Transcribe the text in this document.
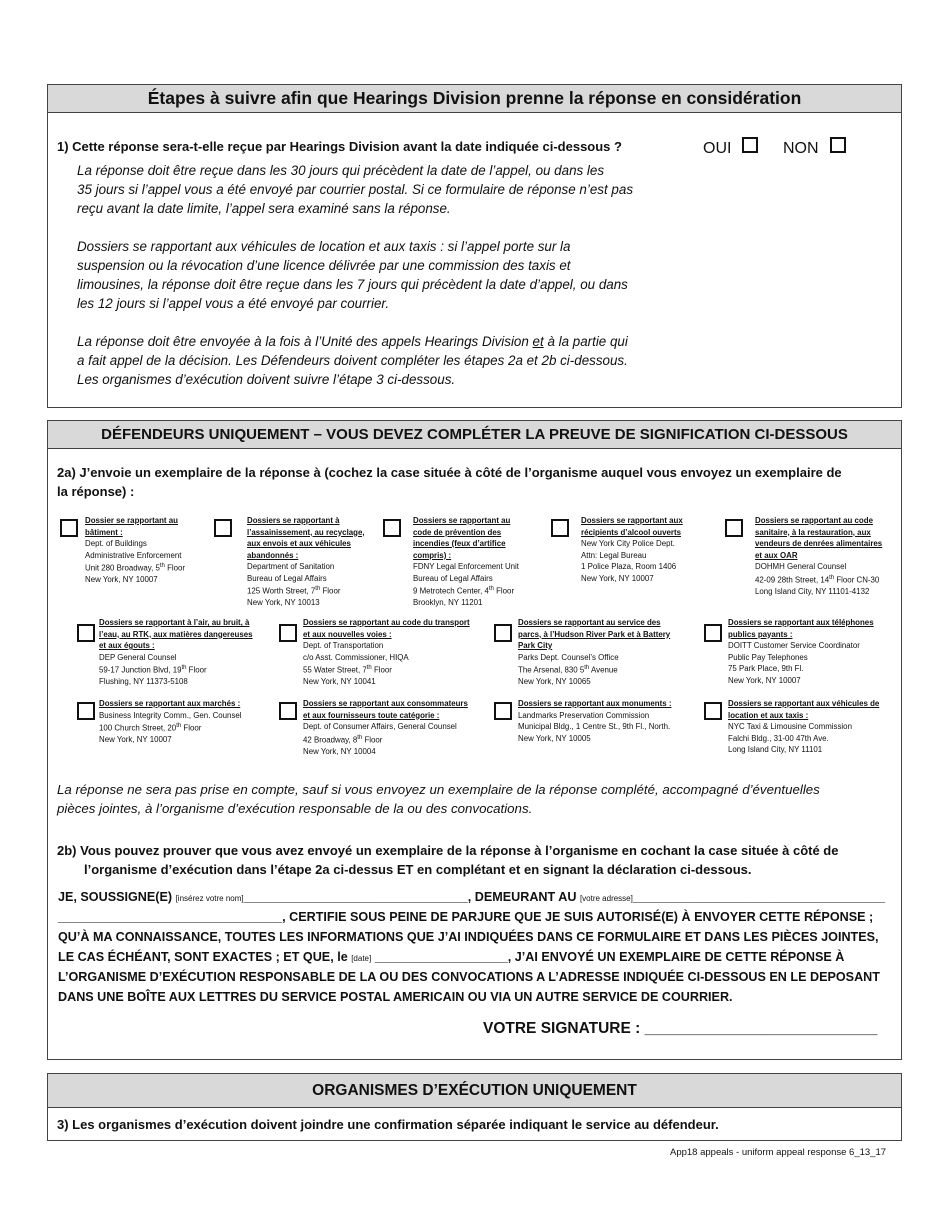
Étapes à suivre afin que Hearings Division prenne la réponse en considération
1) Cette réponse sera-t-elle reçue par Hearings Division avant la date indiquée ci-dessous ?	OUI	NON
La réponse doit être reçue dans les 30 jours qui précèdent la date de l’appel, ou dans les
35 jours si l’appel vous a été envoyé par courrier postal. Si ce formulaire de réponse n’est pas
reçu avant la date limite, l’appel sera examiné sans la réponse.
Dossiers se rapportant aux véhicules de location et aux taxis : si l’appel porte sur la
suspension ou la révocation d’une licence délivrée par une commission des taxis et
limousines, la réponse doit être reçue dans les 7 jours qui précèdent la date d’appel, ou dans
les 12 jours si l’appel vous a été envoyé par courrier.
La réponse doit être envoyée à la fois à l’Unité des appels Hearings Division et à la partie qui
a fait appel de la décision. Les Défendeurs doivent compléter les étapes 2a et 2b ci-dessous.
Les organismes d’exécution doivent suivre l’étape 3 ci-dessous.
DÉFENDEURS UNIQUEMENT – VOUS DEVEZ COMPLÉTER LA PREUVE DE SIGNIFICATION CI-DESSOUS
2a) J’envoie un exemplaire de la réponse à (cochez la case située à côté de l’organisme auquel vous envoyez un exemplaire de
la réponse) :
Dossier se rapportant au
bâtiment :
Dept. of Buildings
Administrative Enforcement
Unit 280 Broadway, 5th Floor
New York, NY 10007
Dossiers se rapportant à
l’assainissement, au recyclage,
aux envois et aux véhicules
abandonnés :
Department of Sanitation
Bureau of Legal Affairs
125 Worth Street, 7th Floor
New York, NY 10013
Dossiers se rapportant au
code de prévention des
incendies (feux d’artifice
compris) :
FDNY Legal Enforcement Unit
Bureau of Legal Affairs
9 Metrotech Center, 4th Floor
Brooklyn, NY 11201
Dossiers se rapportant aux
récipients d’alcool ouverts
New York City Police Dept.
Attn: Legal Bureau
1 Police Plaza, Room 1406
New York, NY 10007
Dossiers se rapportant au code
sanitaire, à la restauration, aux
vendeurs de denrées alimentaires
et aux OAR
DOHMH General Counsel
42-09 28th Street, 14th Floor CN-30
Long Island City, NY 11101-4132
Dossiers se rapportant à l’air, au bruit, à
l’eau, au RTK, aux matières dangereuses
et aux égouts :
DEP General Counsel
59-17 Junction Blvd, 19th Floor
Flushing, NY 11373-5108
Dossiers se rapportant au code du transport
et aux nouvelles voies :
Dept. of Transportation
c/o Asst. Commissioner, HIQA
55 Water Street, 7th Floor
New York, NY 10041
Dossiers se rapportant au service des
parcs, à l’Hudson River Park et à Battery
Park City
Parks Dept. Counsel’s Office
The Arsenal, 830 5th Avenue
New York, NY 10065
Dossiers se rapportant aux téléphones
publics payants :
DOITT Customer Service Coordinator
Public Pay Telephones
75 Park Place, 9th Fl.
New York, NY 10007
Dossiers se rapportant aux marchés :
Business Integrity Comm., Gen. Counsel
100 Church Street, 20th Floor
New York, NY 10007
Dossiers se rapportant aux consommateurs
et aux fournisseurs toute catégorie :
Dept. of Consumer Affairs, General Counsel
42 Broadway, 8th Floor
New York, NY 10004
Dossiers se rapportant aux monuments :
Landmarks Preservation Commission
Municipal Bldg., 1 Centre St., 9th Fl., North.
New York, NY 10005
Dossiers se rapportant aux véhicules de
location et aux taxis :
NYC Taxi & Limousine Commission
Falchi Bldg., 31-00 47th Ave.
Long Island City, NY 11101
La réponse ne sera pas prise en compte, sauf si vous envoyez un exemplaire de la réponse complété, accompagné d’éventuelles
pièces jointes, à l’organisme d’exécution responsable de la ou des convocations.
2b) Vous pouvez prouver que vous avez envoyé un exemplaire de la réponse à l’organisme en cochant la case située à côté de
l’organisme d’exécution dans l’étape 2a ci-dessus ET en complétant et en signant la déclaration ci-dessous.
JE, SOUSSIGNE(E) [insérez votre nom]________________________________, DEMEURANT AU [votre adresse]____________________________________
________________________________, CERTIFIE SOUS PEINE DE PARJURE QUE JE SUIS AUTORISÉ(E) À ENVOYER CETTE RÉPONSE ;
QU’À MA CONNAISSANCE, TOUTES LES INFORMATIONS QUE J’AI INDIQUÉES DANS CE FORMULAIRE ET DANS LES PIÈCES JOINTES,
LE CAS ÉCHÉANT, SONT EXACTES ; ET QUE, le [date] ___________________, J’AI ENVOYÉ UN EXEMPLAIRE DE CETTE RÉPONSE À
L’ORGANISME D’EXÉCUTION RESPONSABLE DE LA OU DES CONVOCATIONS A L’ADRESSE INDIQUÉE CI-DESSOUS EN LE DEPOSANT
DANS UNE BOÎTE AUX LETTRES DU SERVICE POSTAL AMERICAIN OU VIA UN AUTRE SERVICE DE COURRIER.
VOTRE SIGNATURE : ___________________________
ORGANISMES D’EXÉCUTION UNIQUEMENT
3) Les organismes d’exécution doivent joindre une confirmation séparée indiquant le service au défendeur.
App18 appeals - uniform appeal response 6_13_17
